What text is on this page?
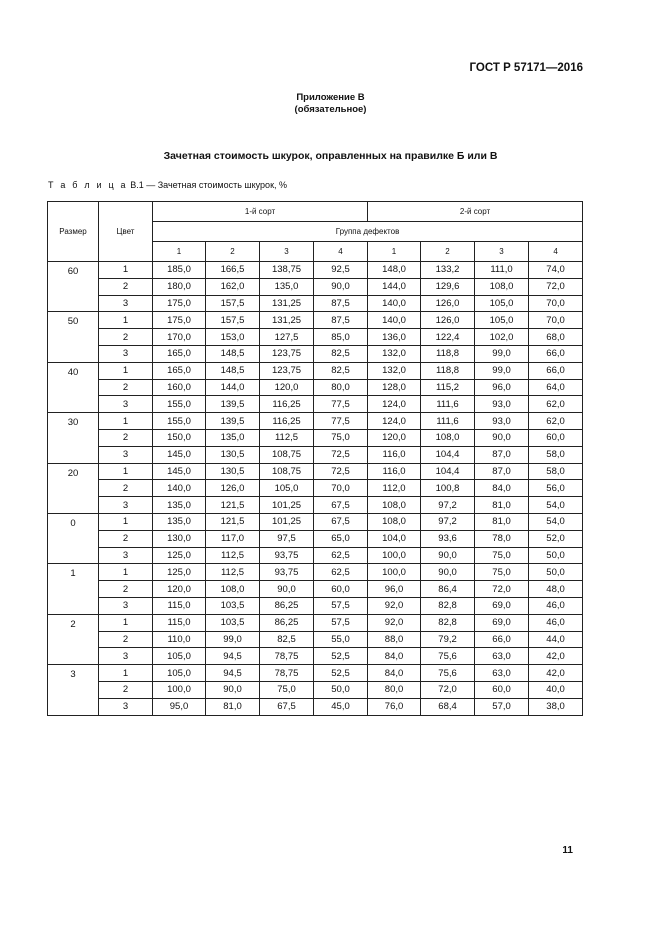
ГОСТ Р 57171—2016
Приложение В
(обязательное)
Зачетная стоимость шкурок, оправленных на правилке Б или В
Т а б л и ц а В.1 — Зачетная стоимость шкурок, %
Размер	Цвет	1-й сорт				2-й сорт			
		Группа дефектов							
		1	2	3	4	1	2	3	4
60	1	185,0	166,5	138,75	92,5	148,0	133,2	111,0	74,0
	2	180,0	162,0	135,0	90,0	144,0	129,6	108,0	72,0
	3	175,0	157,5	131,25	87,5	140,0	126,0	105,0	70,0
50	1	175,0	157,5	131,25	87,5	140,0	126,0	105,0	70,0
	2	170,0	153,0	127,5	85,0	136,0	122,4	102,0	68,0
	3	165,0	148,5	123,75	82,5	132,0	118,8	99,0	66,0
40	1	165,0	148,5	123,75	82,5	132,0	118,8	99,0	66,0
	2	160,0	144,0	120,0	80,0	128,0	115,2	96,0	64,0
	3	155,0	139,5	116,25	77,5	124,0	111,6	93,0	62,0
30	1	155,0	139,5	116,25	77,5	124,0	111,6	93,0	62,0
	2	150,0	135,0	112,5	75,0	120,0	108,0	90,0	60,0
	3	145,0	130,5	108,75	72,5	116,0	104,4	87,0	58,0
20	1	145,0	130,5	108,75	72,5	116,0	104,4	87,0	58,0
	2	140,0	126,0	105,0	70,0	112,0	100,8	84,0	56,0
	3	135,0	121,5	101,25	67,5	108,0	97,2	81,0	54,0
0	1	135,0	121,5	101,25	67,5	108,0	97,2	81,0	54,0
	2	130,0	117,0	97,5	65,0	104,0	93,6	78,0	52,0
	3	125,0	112,5	93,75	62,5	100,0	90,0	75,0	50,0
1	1	125,0	112,5	93,75	62,5	100,0	90,0	75,0	50,0
	2	120,0	108,0	90,0	60,0	96,0	86,4	72,0	48,0
	3	115,0	103,5	86,25	57,5	92,0	82,8	69,0	46,0
2	1	115,0	103,5	86,25	57,5	92,0	82,8	69,0	46,0
	2	110,0	99,0	82,5	55,0	88,0	79,2	66,0	44,0
	3	105,0	94,5	78,75	52,5	84,0	75,6	63,0	42,0
3	1	105,0	94,5	78,75	52,5	84,0	75,6	63,0	42,0
	2	100,0	90,0	75,0	50,0	80,0	72,0	60,0	40,0
	3	95,0	81,0	67,5	45,0	76,0	68,4	57,0	38,0
11
